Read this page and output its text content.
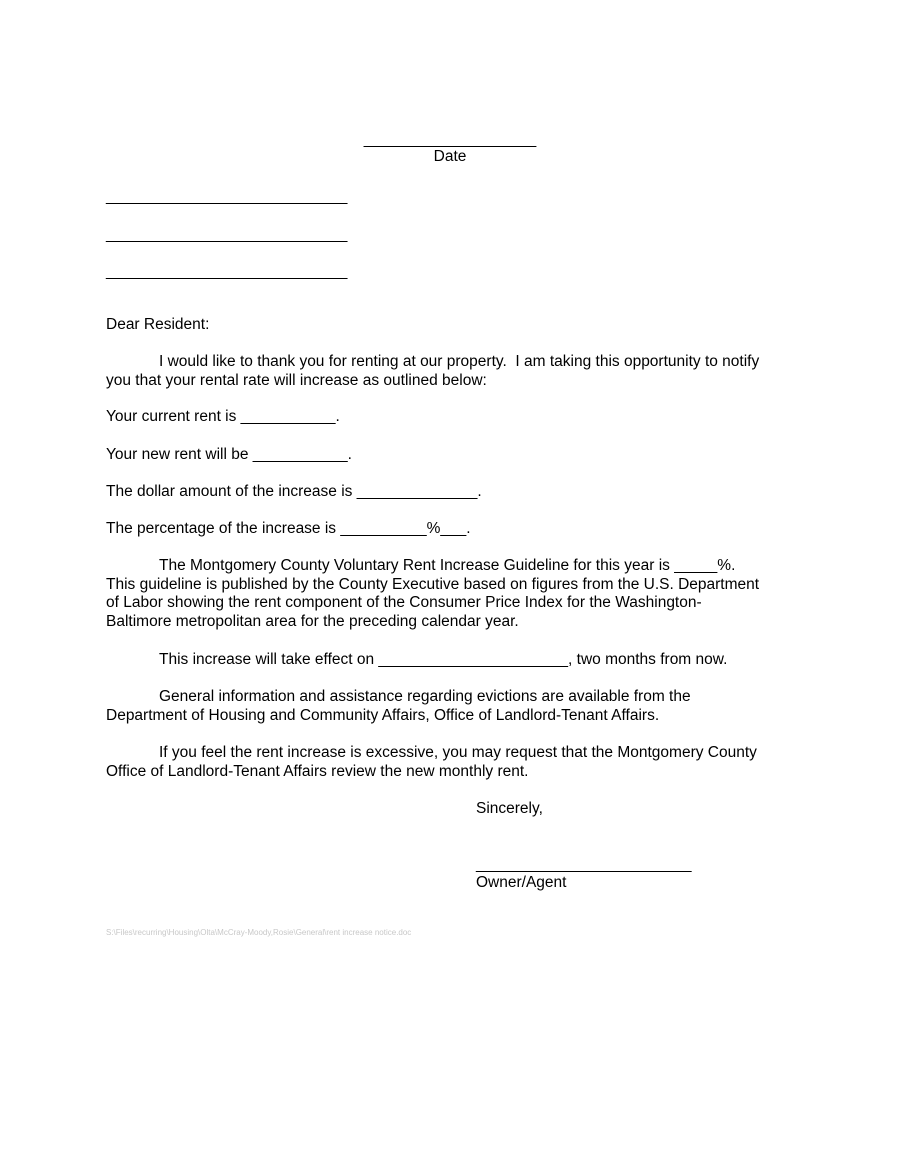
____________________
Date
____________________________
____________________________
____________________________
Dear Resident:
I would like to thank you for renting at our property.  I am taking this opportunity to notify
you that your rental rate will increase as outlined below:
Your current rent is ___________.
Your new rent will be ___________.
The dollar amount of the increase is ______________.
The percentage of the increase is __________%___.
The Montgomery County Voluntary Rent Increase Guideline for this year is _____%.
This guideline is published by the County Executive based on figures from the U.S. Department
of Labor showing the rent component of the Consumer Price Index for the Washington-
Baltimore metropolitan area for the preceding calendar year.
This increase will take effect on ______________________, two months from now.
General information and assistance regarding evictions are available from the
Department of Housing and Community Affairs, Office of Landlord-Tenant Affairs.
If you feel the rent increase is excessive, you may request that the Montgomery County
Office of Landlord-Tenant Affairs review the new monthly rent.
Sincerely,
_________________________
Owner/Agent
S:\Files\recurring\Housing\Olta\McCray-Moody,Rosie\General\rent increase notice.doc
